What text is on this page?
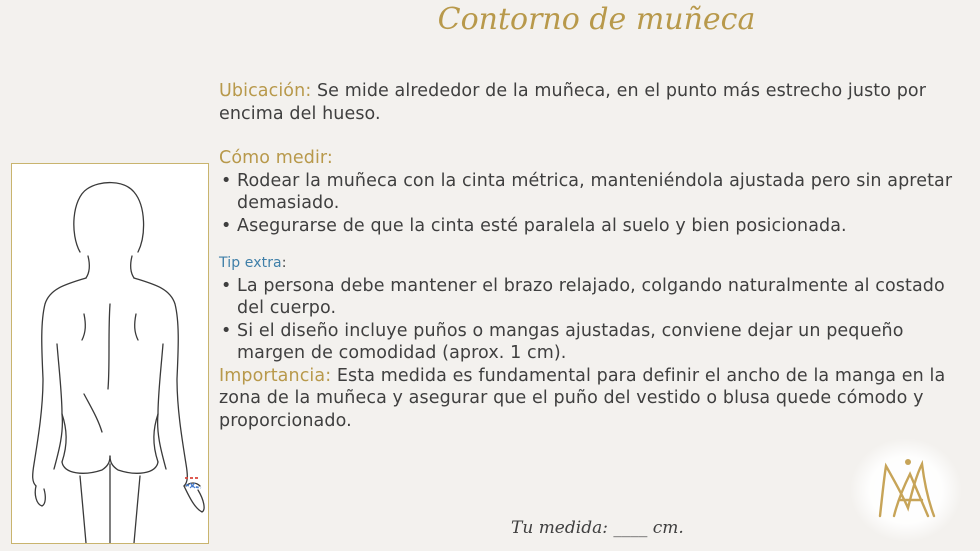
Contorno de muñeca

Ubicación: Se mide alrededor de la muñeca, en el punto más estrecho justo por encima del hueso.

Cómo medir:
• Rodear la muñeca con la cinta métrica, manteniéndola ajustada pero sin apretar demasiado.
• Asegurarse de que la cinta esté paralela al suelo y bien posicionada.
Tip extra:
• La persona debe mantener el brazo relajado, colgando naturalmente al costado del cuerpo.
• Si el diseño incluye puños o mangas ajustadas, conviene dejar un pequeño margen de comodidad (aprox. 1 cm).

Importancia: Esta medida es fundamental para definir el ancho de la manga en la zona de la muñeca y asegurar que el puño del vestido o blusa quede cómodo y proporcionado.

Tu medida: ____ cm.
